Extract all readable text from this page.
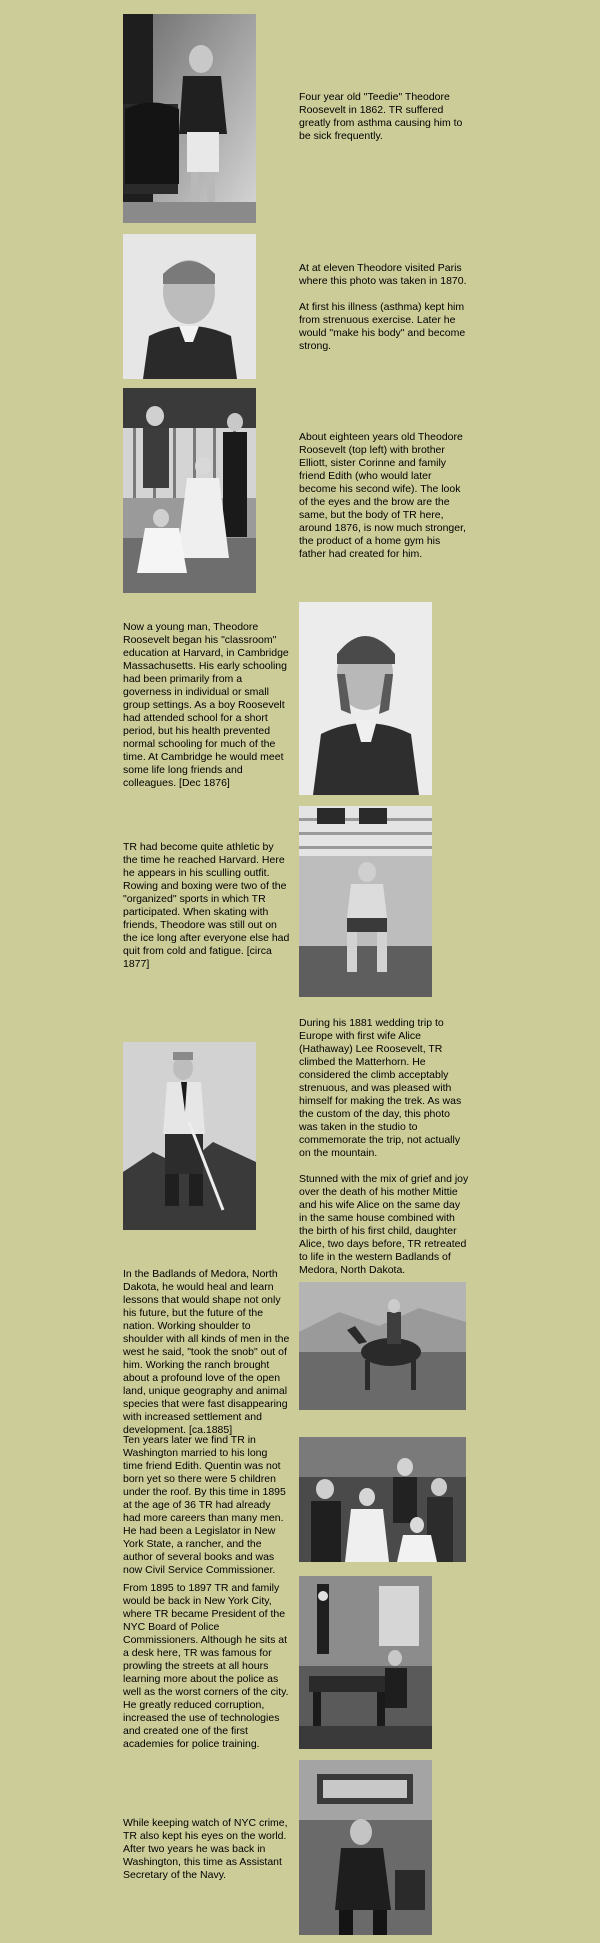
Four year old "Teedie" Theodore Roosevelt in 1862. TR suffered greatly from asthma causing him to be sick frequently.

At at eleven Theodore visited Paris where this photo was taken in 1870.

At first his illness (asthma) kept him from strenuous exercise. Later he would "make his body" and become strong.

About eighteen years old Theodore Roosevelt (top left) with brother Elliott, sister Corinne and family friend Edith (who would later become his second wife). The look of the eyes and the brow are the same, but the body of TR here, around 1876, is now much stronger, the product of a home gym his father had created for him.

Now a young man, Theodore Roosevelt began his "classroom" education at Harvard, in Cambridge Massachusetts. His early schooling had been primarily from a governess in individual or small group settings. As a boy Roosevelt had attended school for a short period, but his health prevented normal schooling for much of the time. At Cambridge he would meet some life long friends and colleagues. [Dec 1876]

TR had become quite athletic by the time he reached Harvard. Here he appears in his sculling outfit. Rowing and boxing were two of the "organized" sports in which TR participated. When skating with friends, Theodore was still out on the ice long after everyone else had quit from cold and fatigue. [circa 1877]

During his 1881 wedding trip to Europe with first wife Alice (Hathaway) Lee Roosevelt, TR climbed the Matterhorn. He considered the climb acceptably strenuous, and was pleased with himself for making the trek. As was the custom of the day, this photo was taken in the studio to commemorate the trip, not actually on the mountain.

Stunned with the mix of grief and joy over the death of his mother Mittie and his wife Alice on the same day in the same house combined with the birth of his first child, daughter Alice, two days before, TR retreated to life in the western Badlands of Medora, North Dakota.

In the Badlands of Medora, North Dakota, he would heal and learn lessons that would shape not only his future, but the future of the nation. Working shoulder to shoulder with all kinds of men in the west he said, "took the snob" out of him. Working the ranch brought about a profound love of the open land, unique geography and animal species that were fast disappearing with increased settlement and development. [ca.1885]

Ten years later we find TR in Washington married to his long time friend Edith. Quentin was not born yet so there were 5 children under the roof. By this time in 1895 at the age of 36 TR had already had more careers than many men. He had been a Legislator in New York State, a rancher, and the author of several books and was now Civil Service Commissioner.

From 1895 to 1897 TR and family would be back in New York City, where TR became President of the NYC Board of Police Commissioners. Although he sits at a desk here, TR was famous for prowling the streets at all hours learning more about the police as well as the worst corners of the city. He greatly reduced corruption, increased the use of technologies and created one of the first academies for police training.

While keeping watch of NYC crime, TR also kept his eyes on the world. After two years he was back in Washington, this time as Assistant Secretary of the Navy.
